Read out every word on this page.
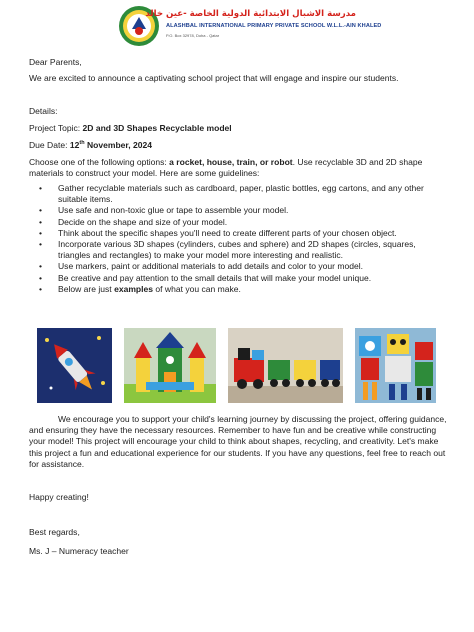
مدرسة الاشبال الابتدائية الدولية الخاصة -عين خالد
ALASHBAL INTERNATIONAL PRIMARY PRIVATE SCHOOL W.L.L.-AIN KHALED
P.O. Box 32978, Doha - Qatar

Dear Parents,

We are excited to announce a captivating school project that will engage and inspire our students.

Details:

Project Topic: 2D and 3D Shapes Recyclable model

Due Date: 12th November, 2024

Choose one of the following options: a rocket, house, train, or robot. Use recyclable 3D and 2D shape materials to construct your model. Here are some guidelines:

• Gather recyclable materials such as cardboard, paper, plastic bottles, egg cartons, and any other suitable items.
• Use safe and non-toxic glue or tape to assemble your model.
• Decide on the shape and size of your model.
• Think about the specific shapes you'll need to create different parts of your chosen object.
• Incorporate various 3D shapes (cylinders, cubes and sphere) and 2D shapes (circles, squares, triangles and rectangles) to make your model more interesting and realistic.
• Use markers, paint or additional materials to add details and color to your model.
• Be creative and pay attention to the small details that will make your model unique.
• Below are just examples of what you can make.

We encourage you to support your child's learning journey by discussing the project, offering guidance, and ensuring they have the necessary resources. Remember to have fun and be creative while constructing your model! This project will encourage your child to think about shapes, recycling, and creativity. Let's make this project a fun and educational experience for our students. If you have any questions, feel free to reach out for assistance.

Happy creating!

Best regards,

Ms. J – Numeracy teacher
